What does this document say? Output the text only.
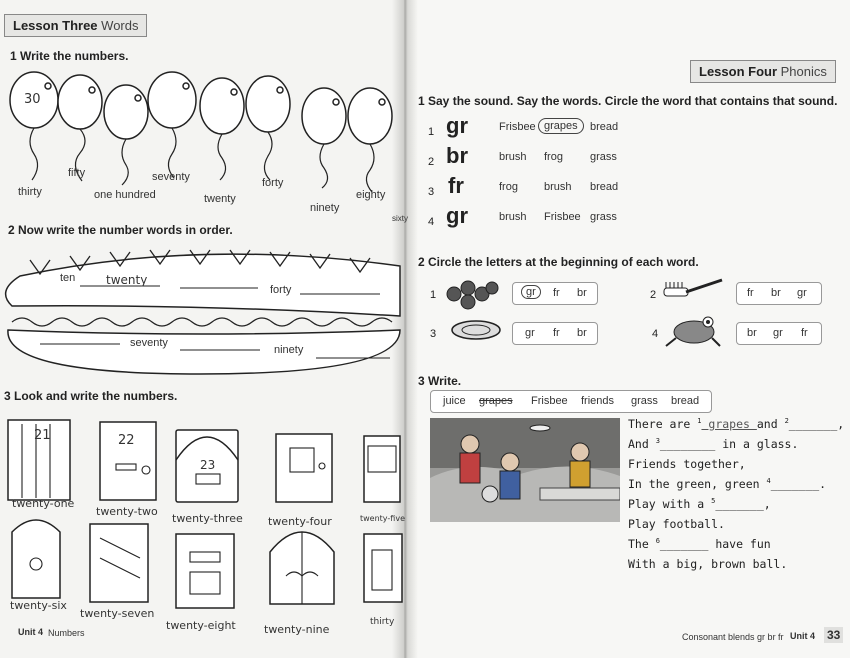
Lesson Three Words
1 Write the numbers.
30
fifty	seventy	forty
thirty	one hundred	twenty
ninety
eighty
sixty
2 Now write the number words in order.
ten	twenty
forty
seventy
ninety
3 Look and write the numbers.
21	22
23
twenty-one
twenty-two
twenty-three twenty-four	twenty-five
twenty-six
twenty-seven
twenty-eight	twenty-nine
thirty
Unit 4 Numbers
Lesson Four Phonics
1 Say the sound. Say the words. Circle the word that contains that sound.
1 gr	Frisbee grapes	bread
2 br	brush frog grass
3 fr	frog brush bread
4 gr	brush Frisbee grass
2 Circle the letters at the beginning of each word.
1	gr	fr br	2	fr br gr
3	gr fr br	4	br gr fr
3 Write.
juice grapes Frisbee friends grass bread
There are $^1$ grapes and $^2$_______,
And $^3$________ in a glass.
Friends together,
In the green, green $^4$_______.
Play with a $^5$_______,
Play football.
The $^6$_______ have fun
With a big, brown ball.
Consonant blends gr br fr Unit 4 33
